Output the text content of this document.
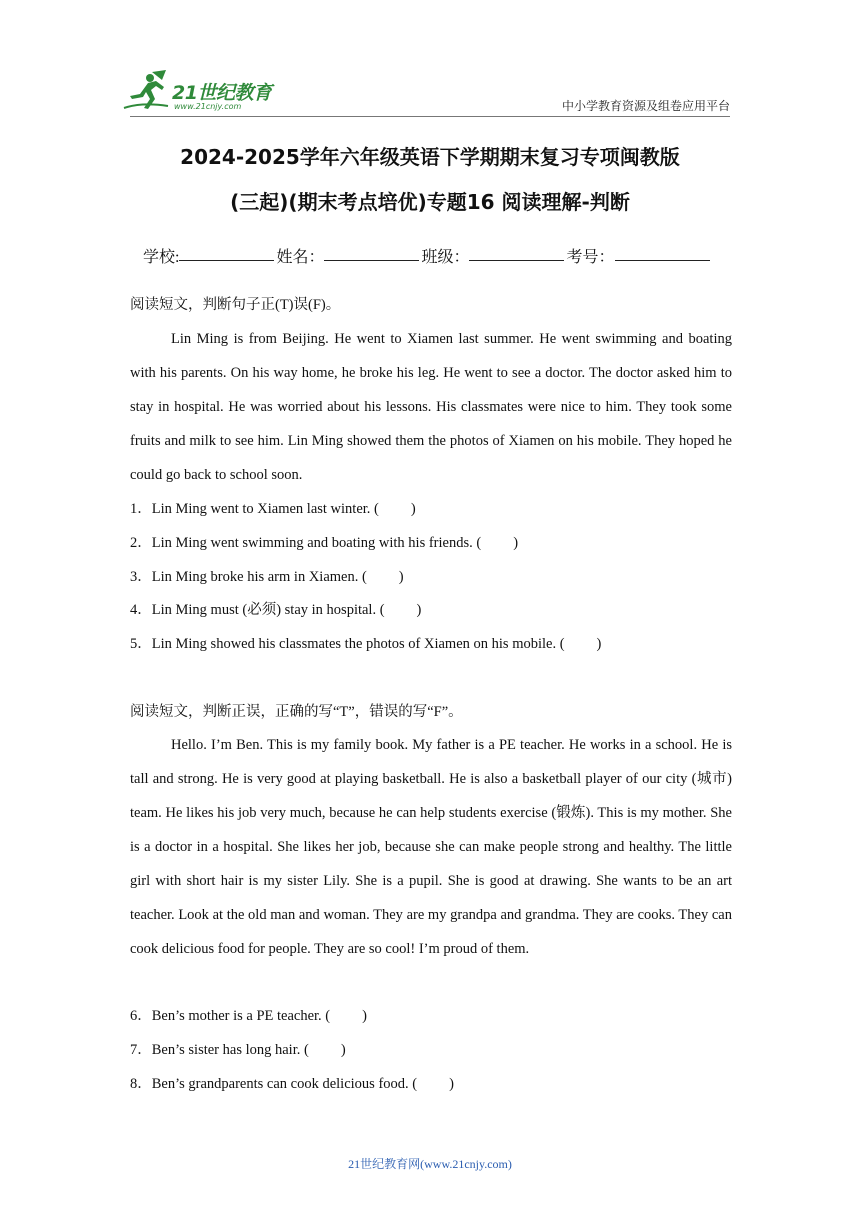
21世纪教育
www.21cnjy.com	中小学教育资源及组卷应用平台
2024-2025学年六年级英语下学期期末复习专项闽教版
(三起)(期末考点培优)专题16 阅读理解-判断
学校:	姓名：	班级：	考号：
阅读短文，判断句子正(T)误(F)。
Lin Ming is from Beijing. He went to Xiamen last summer. He went swimming and boating with his parents. On his way home, he broke his leg. He went to see a doctor. The doctor asked him to stay in hospital. He was worried about his lessons. His classmates were nice to him. They took some fruits and milk to see him. Lin Ming showed them the photos of Xiamen on his mobile. They hoped he could go back to school soon.
1．Lin Ming went to Xiamen last winter. ( )
2．Lin Ming went swimming and boating with his friends. ( )
3．Lin Ming broke his arm in Xiamen. ( )
4．Lin Ming must (必须) stay in hospital. ( )
5．Lin Ming showed his classmates the photos of Xiamen on his mobile. ( )
阅读短文，判断正误，正确的写“T”，错误的写“F”。
Hello. I’m Ben. This is my family book. My father is a PE teacher. He works in a school. He is tall and strong. He is very good at playing basketball. He is also a basketball player of our city (城市) team. He likes his job very much, because he can help students exercise (锻炼). This is my mother. She is a doctor in a hospital. She likes her job, because she can make people strong and healthy. The little girl with short hair is my sister Lily. She is a pupil. She is good at drawing. She wants to be an art teacher. Look at the old man and woman. They are my grandpa and grandma. They are cooks. They can cook delicious food for people. They are so cool! I’m proud of them.
6．Ben’s mother is a PE teacher. ( )
7．Ben’s sister has long hair. ( )
8．Ben’s grandparents can cook delicious food. ( )
21世纪教育网(www.21cnjy.com)
